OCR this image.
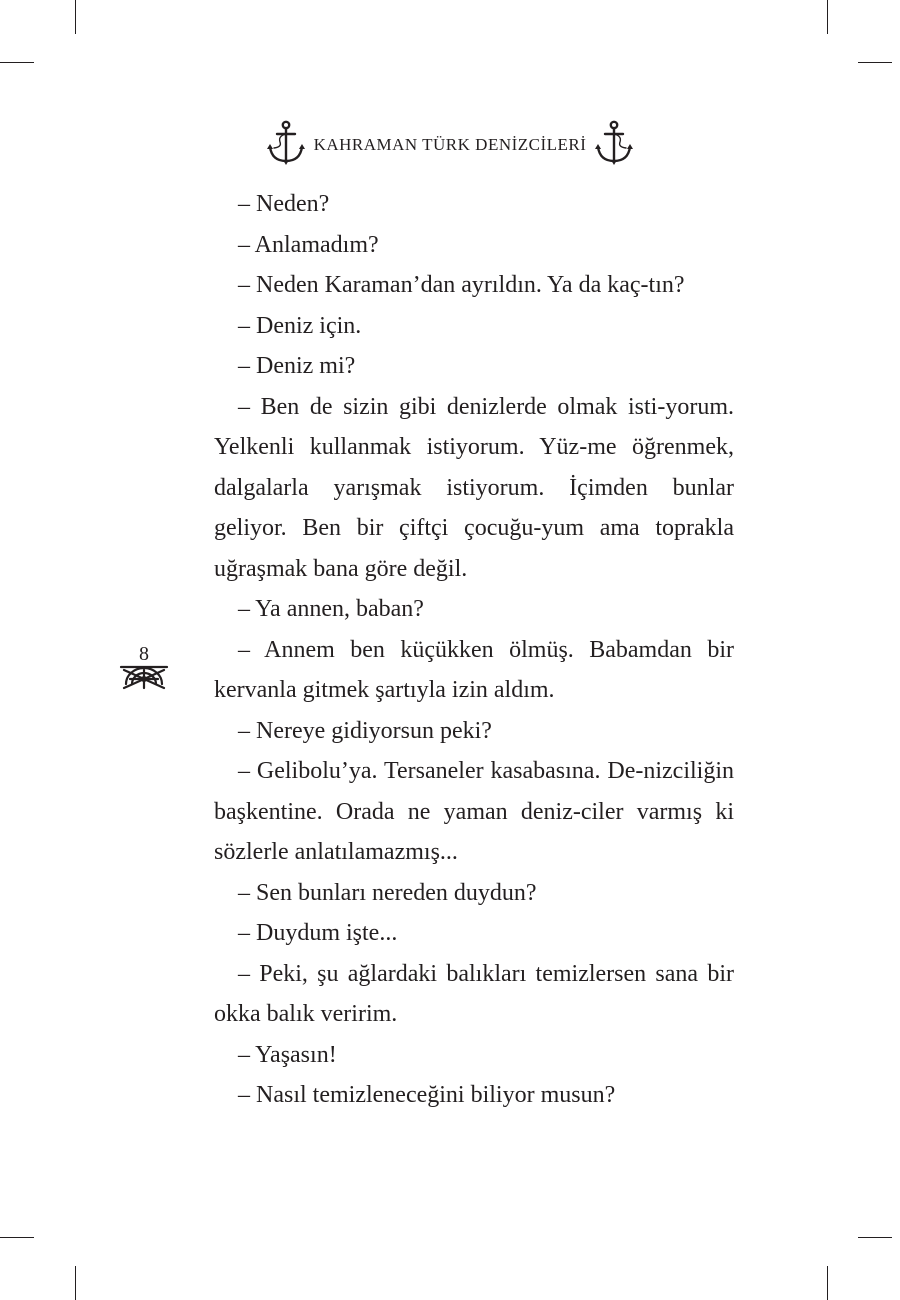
KAHRAMAN TÜRK DENİZCİLERİ

– Neden?

– Anlamadım?

– Neden Karaman’dan ayrıldın. Ya da kaç-tın?

– Deniz için.

– Deniz mi?

– Ben de sizin gibi denizlerde olmak isti-yorum. Yelkenli kullanmak istiyorum. Yüz-me öğrenmek, dalgalarla yarışmak istiyorum. İçimden bunlar geliyor. Ben bir çiftçi çocuğu-yum ama toprakla uğraşmak bana göre değil.

– Ya annen, baban?

– Annem ben küçükken ölmüş. Babamdan bir kervanla gitmek şartıyla izin aldım.

– Nereye gidiyorsun peki?

– Gelibolu’ya. Tersaneler kasabasına. De-nizciliğin başkentine. Orada ne yaman deniz-ciler varmış ki sözlerle anlatılamazmış...

– Sen bunları nereden duydun?

– Duydum işte...

– Peki, şu ağlardaki balıkları temizlersen sana bir okka balık veririm.

– Yaşasın!

– Nasıl temizleneceğini biliyor musun?

8
